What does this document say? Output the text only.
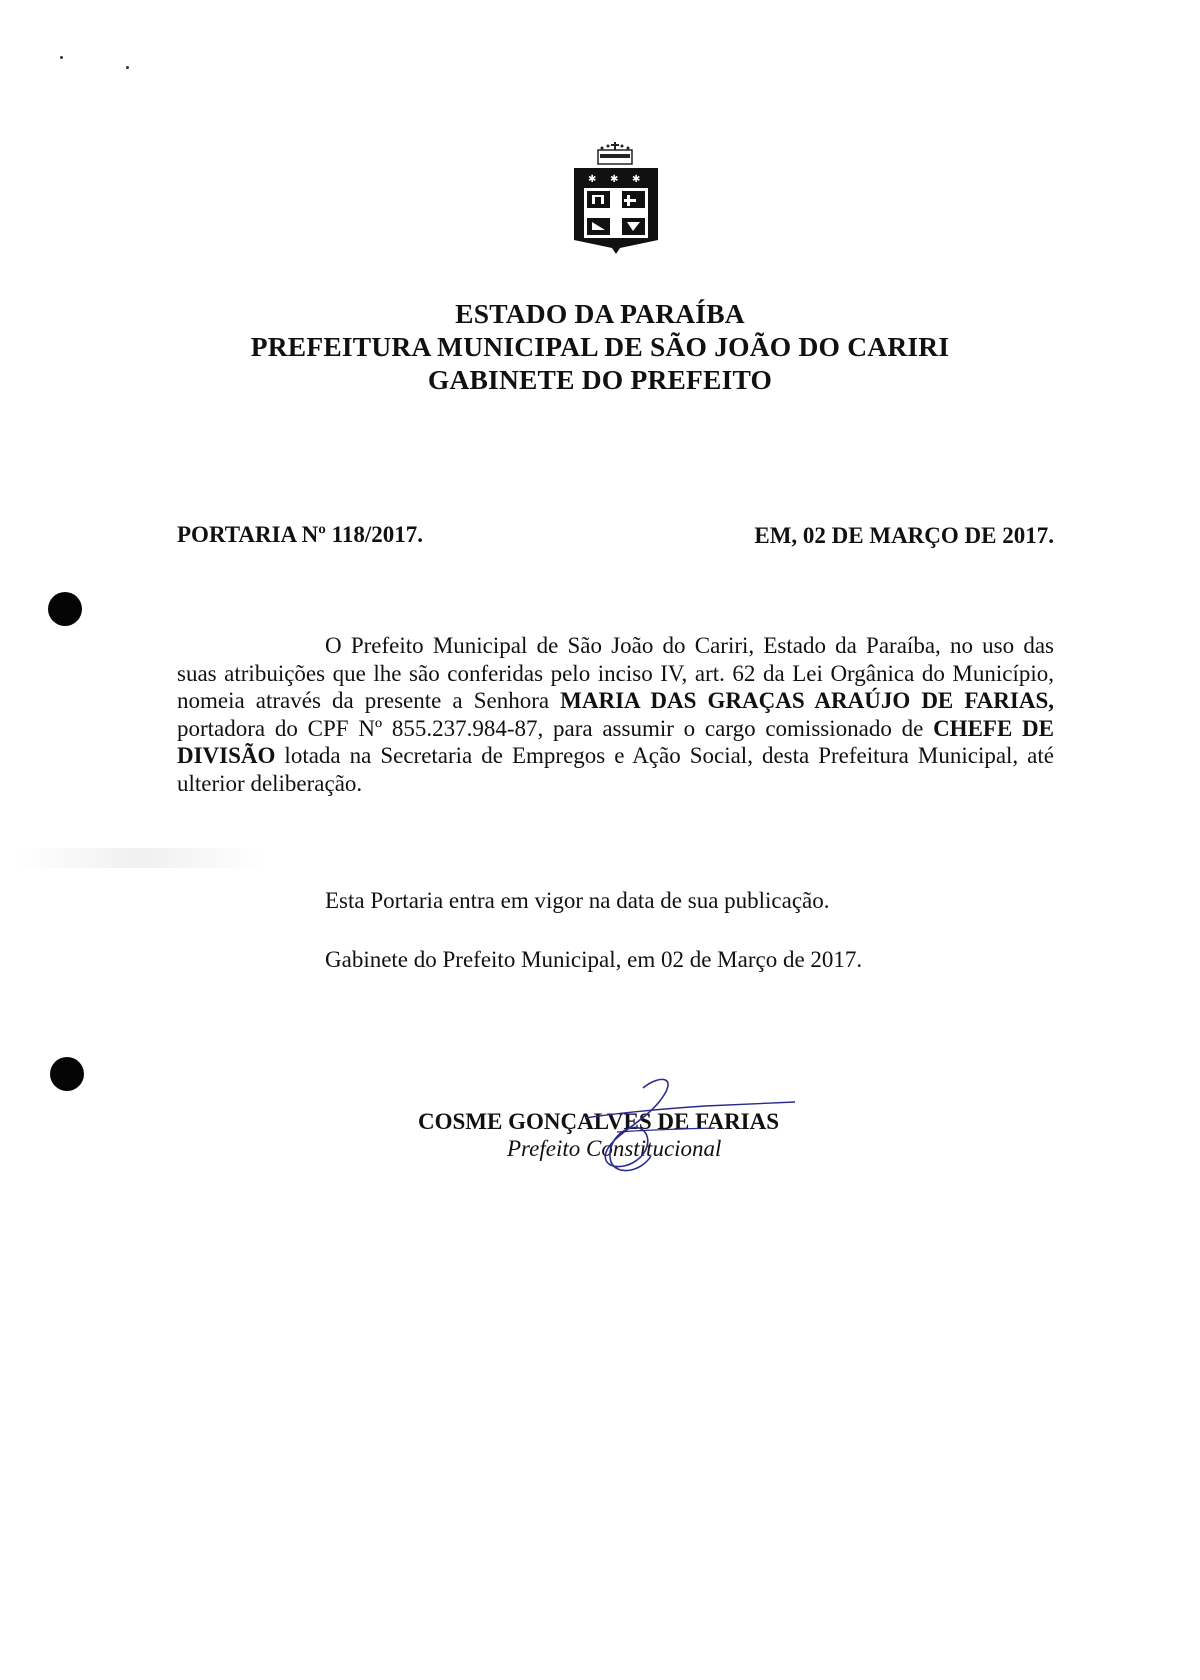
✱ ✱ ✱
ESTADO DA PARAÍBA
PREFEITURA MUNICIPAL DE SÃO JOÃO DO CARIRI
GABINETE DO PREFEITO
PORTARIA Nº 118/2017.	EM, 02 DE MARÇO DE 2017.
O Prefeito Municipal de São João do Cariri, Estado da Paraíba, no uso das suas atribuições que lhe são conferidas pelo inciso IV, art. 62 da Lei Orgânica do Município, nomeia através da presente a Senhora MARIA DAS GRAÇAS ARAÚJO DE FARIAS, portadora do CPF Nº 855.237.984-87, para assumir o cargo comissionado de CHEFE DE DIVISÃO lotada na Secretaria de Empregos e Ação Social, desta Prefeitura Municipal, até ulterior deliberação.
Esta Portaria entra em vigor na data de sua publicação.
Gabinete do Prefeito Municipal, em 02 de Março de 2017.
COSME GONÇALVES DE FARIAS
Prefeito Constitucional
